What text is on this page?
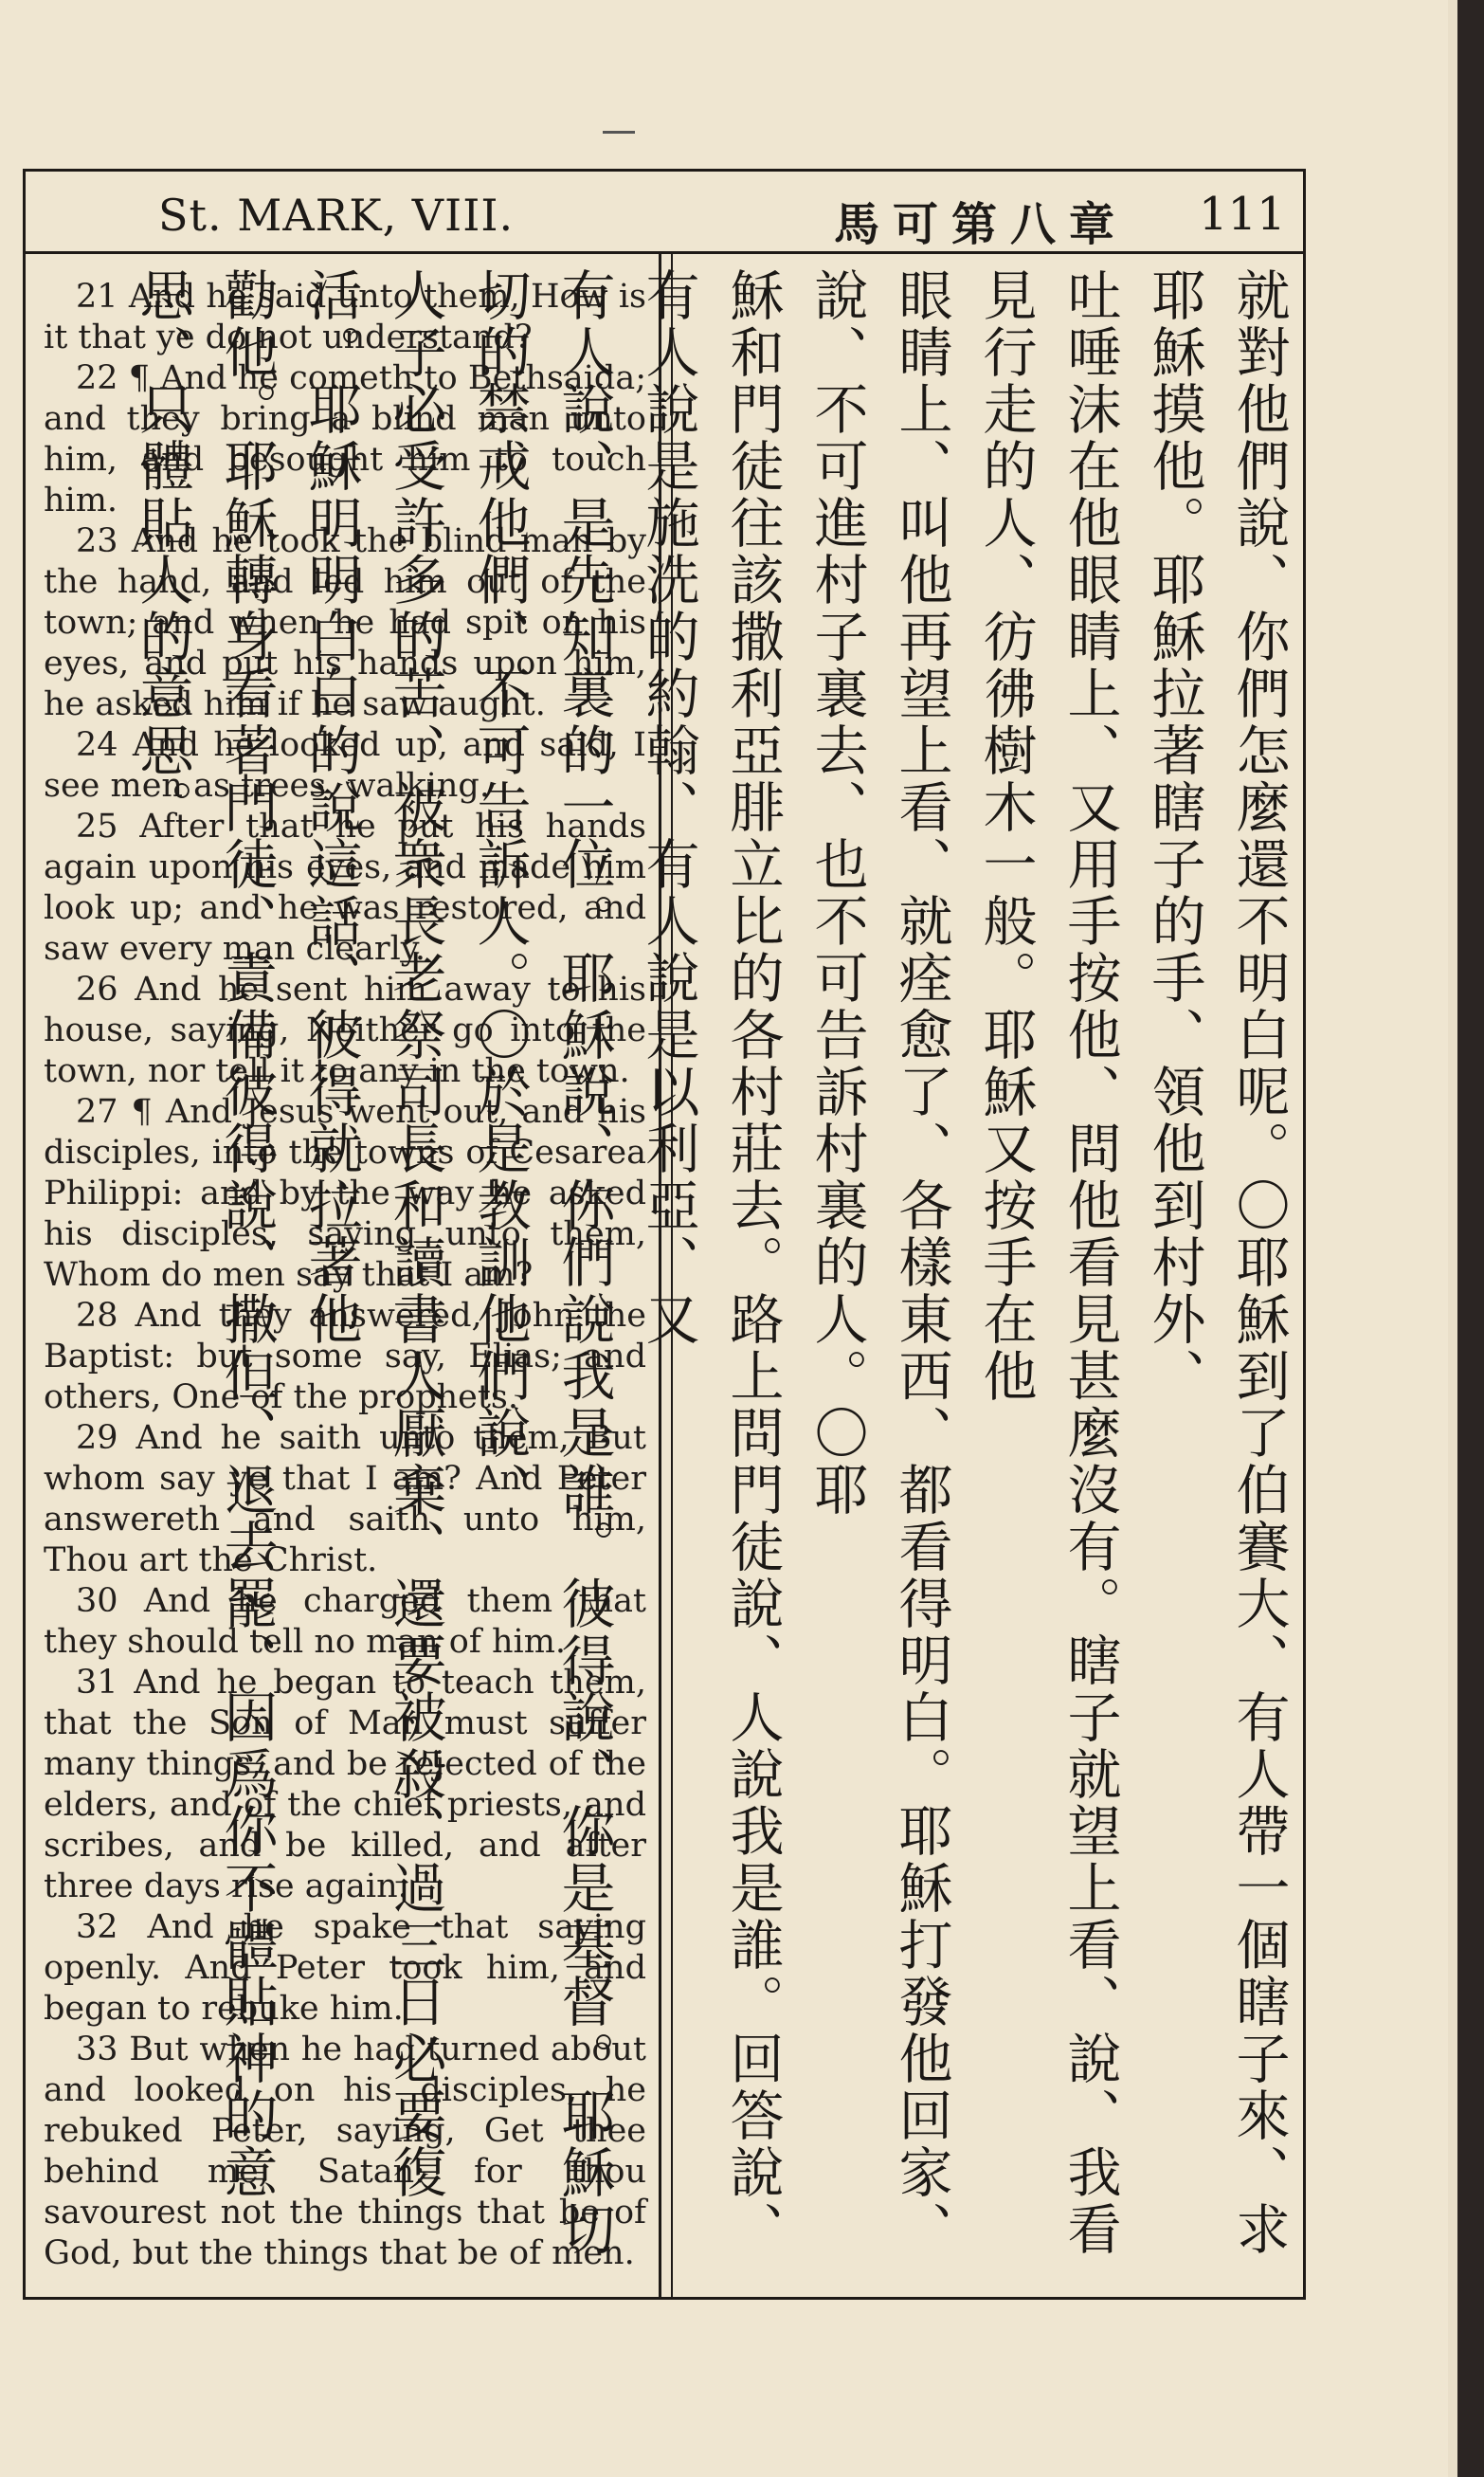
St. MARK, VIII.	馬可第八章 111

21 And he said unto them, How is it that ye do not understand?

22 ¶ And he cometh to Bethsaida; and they bring a blind man unto him, and besought him to touch him.

23 And he took the blind man by the hand, and led him out of the town; and when he had spit on his eyes, and put his hands upon him, he asked him if he saw aught.

24 And he looked up, and said, I see men as trees, walking.

25 After that he put his hands again upon his eyes, and made him look up; and he was restored, and saw every man clearly.

26 And he sent him away to his house, saying, Neither go into the town, nor tell it to any in the town.

27 ¶ And Jesus went out, and his disciples, into the towns of Cesarea Philippi: and by the way he asked his disciples, saying unto them, Whom do men say that I am?

28 And they answered, John the Baptist: but some say, Elias; and others, One of the prophets.

29 And he saith unto them, But whom say ye that I am? And Peter answereth and saith unto him, Thou art the Christ.

30 And he charged them that they should tell no man of him.

31 And he began to teach them, that the Son of Man must suffer many things, and be rejected of the elders, and of the chief priests, and scribes, and be killed, and after three days rise again.

32 And he spake that saying openly. And Peter took him, and began to rebuke him.

33 But when he had turned about and looked on his disciples, he rebuked Peter, saying, Get thee behind me, Satan: for thou savourest not the things that be of God, but the things that be of men.	就對他們說、你們怎麼還不明白呢。〇耶穌到了伯賽大、有人帶一個瞎子來、求耶穌摸他。耶穌拉著瞎子的手、領他到村外、
吐唾沫在他眼睛上、又用手按他、問他看見甚麼沒有。瞎子就望上看、說、我看見行走的人、彷彿樹木一般。耶穌又按手在他
眼睛上、叫他再望上看、就痊愈了、各樣東西、都看得明白。耶穌打發他回家、說、不可進村子裏去、也不可告訴村裏的人。〇耶
穌和門徒往該撒利亞腓立比的各村莊去。路上問門徒說、人說我是誰。回答說、有人說是施洗的約翰、有人說是以利亞、又
有人說、是先知裏的一位。耶穌說、你們說我是誰。彼得說、你是基督。耶穌切切的禁戒他們、不可告訴人。〇於是教訓他們說、
人子必受許多的苦、被衆長老祭司長和讀書人厭棄、還要被殺、過三日必要復活。耶穌明明白白的說這話、彼得就拉著他
勸他。耶穌轉身看著門徒、責備彼得說、撒但、退去罷、因爲你不體貼神的意思、只體貼人的意思。
